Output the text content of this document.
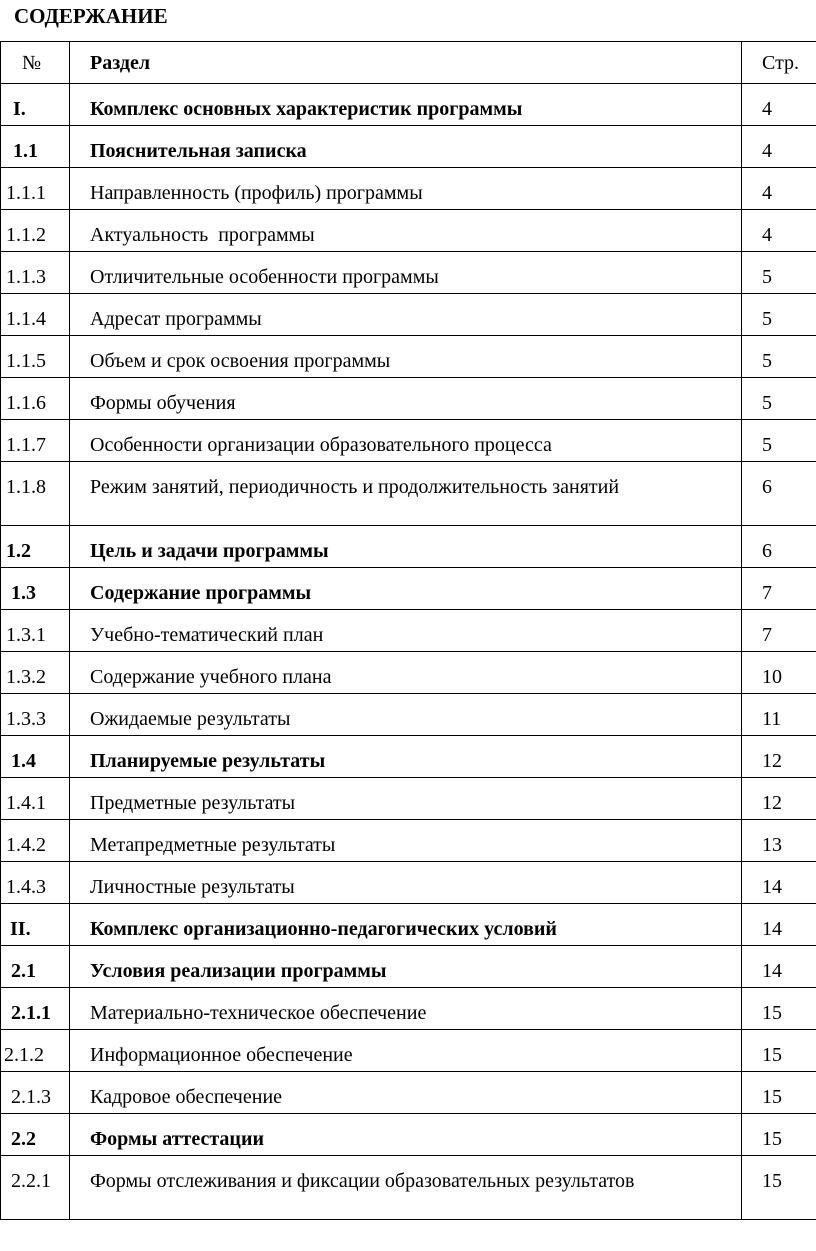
СОДЕРЖАНИЕ
№	Раздел	Стр.

I.	Комплекс основных характеристик программы	4

1.1	Пояснительная записка	4

1.1.1	Направленность (профиль) программы	4

1.1.2	Актуальность  программы	4

1.1.3	Отличительные особенности программы	5

1.1.4	Адресат программы	5

1.1.5	Объем и срок освоения программы	5

1.1.6	Формы обучения	5

1.1.7	Особенности организации образовательного процесса	5

1.1.8	Режим занятий, периодичность и продолжительность занятий	6

1.2	Цель и задачи программы	6

1.3	Содержание программы	7

1.3.1	Учебно-тематический план	7

1.3.2	Содержание учебного плана	10

1.3.3	Ожидаемые результаты	11

1.4	Планируемые результаты	12

1.4.1	Предметные результаты	12

1.4.2	Метапредметные результаты	13

1.4.3	Личностные результаты	14

II.	Комплекс организационно-педагогических условий	14

2.1	Условия реализации программы	14

2.1.1	Материально-техническое обеспечение	15

2.1.2	Информационное обеспечение	15

2.1.3	Кадровое обеспечение	15

2.2	Формы аттестации	15

2.2.1	Формы отслеживания и фиксации образовательных результатов	15
